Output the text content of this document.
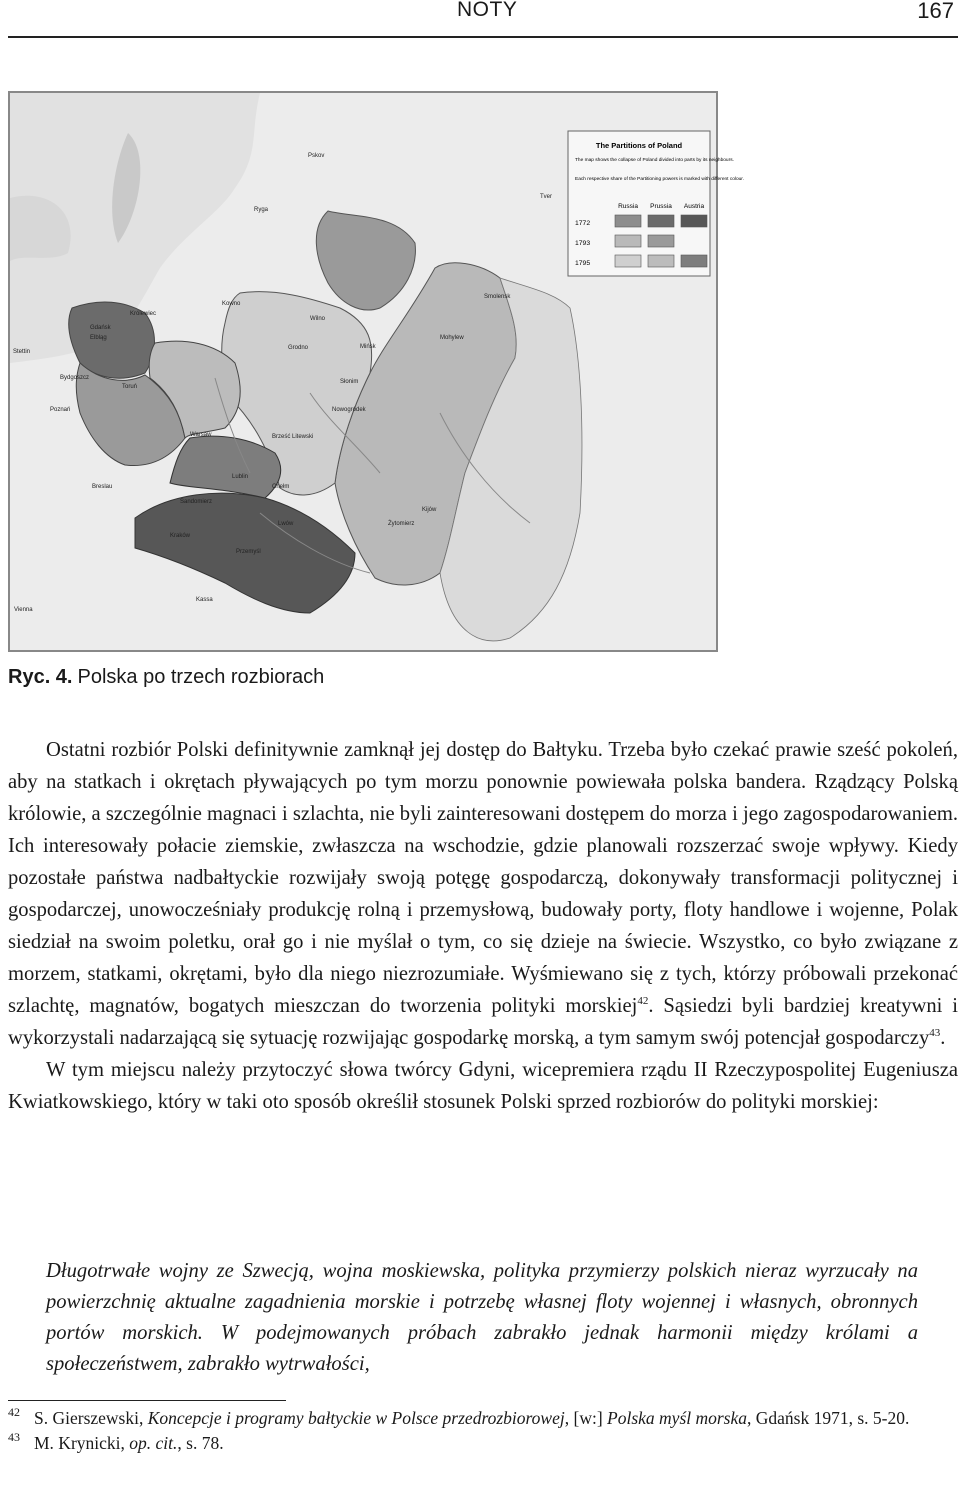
NOTY	167
The Partitions of Poland
The map shows the collapse of Poland divided into parts by its neighbours.
Each respective share of the Partitioning powers is marked with different colour.
Russia Prussia Austria
1772
1793
1795
Królewiec
Gdańsk
Elbląg
Stettin
Bydgoszcz
Toruń
Poznań
Warsaw
Lublin
Kraków
Lwów
Wilno
Grodno
Ryga
Tver
Kijów
Breslau
Vienna
Żytomierz
Brześć Litewski
Kowno
Mińsk
Słonim
Kassa
Pskov
Smolensk
Mohylew
Nowogródek
Chełm
Przemyśl
Sandomierz
Ryc. 4. Polska po trzech rozbiorach

Ostatni rozbiór Polski definitywnie zamknął jej dostęp do Bałtyku. Trzeba było czekać prawie sześć pokoleń, aby na statkach i okrętach pływających po tym morzu ponownie powiewała polska bandera. Rządzący Polską królowie, a szczególnie magnaci i szlachta, nie byli zainteresowani dostępem do morza i jego zagospodarowaniem. Ich interesowały połacie ziemskie, zwłaszcza na wschodzie, gdzie planowali rozszerzać swoje wpływy. Kiedy pozostałe państwa nadbałtyckie rozwijały swoją potęgę gospodarczą, dokonywały transformacji politycznej i gospodarczej, unowocześniały produkcję rolną i przemysłową, budowały porty, floty handlowe i wojenne, Polak siedział na swoim poletku, orał go i nie myślał o tym, co się dzieje na świecie. Wszystko, co było związane z morzem, statkami, okrętami, było dla niego niezrozumiałe. Wyśmiewano się z tych, którzy próbowali przekonać szlachtę, magnatów, bogatych mieszczan do tworzenia polityki morskiej$^{42}$. Sąsiedzi byli bardziej kreatywni i wykorzystali nadarzającą się sytuację rozwijając gospodarkę morską, a tym samym swój potencjał gospodarczy$^{43}$.

W tym miejscu należy przytoczyć słowa twórcy Gdyni, wicepremiera rządu II Rzeczypospolitej Eugeniusza Kwiatkowskiego, który w taki oto sposób określił stosunek Polski sprzed rozbiorów do polityki morskiej:

Długotrwałe wojny ze Szwecją, wojna moskiewska, polityka przymierzy polskich nieraz wyrzucały na powierzchnię aktualne zagadnienia morskie i potrzebę własnej floty wojennej i własnych, obronnych portów morskich. W podejmowanych próbach zabrakło jednak harmonii między królami a społeczeństwem, zabrakło wytrwałości,
42 S. Gierszewski, Koncepcje i programy bałtyckie w Polsce przedrozbiorowej, [w:] Polska myśl morska, Gdańsk 1971, s. 5-20.
43 M. Krynicki, op. cit., s. 78.
